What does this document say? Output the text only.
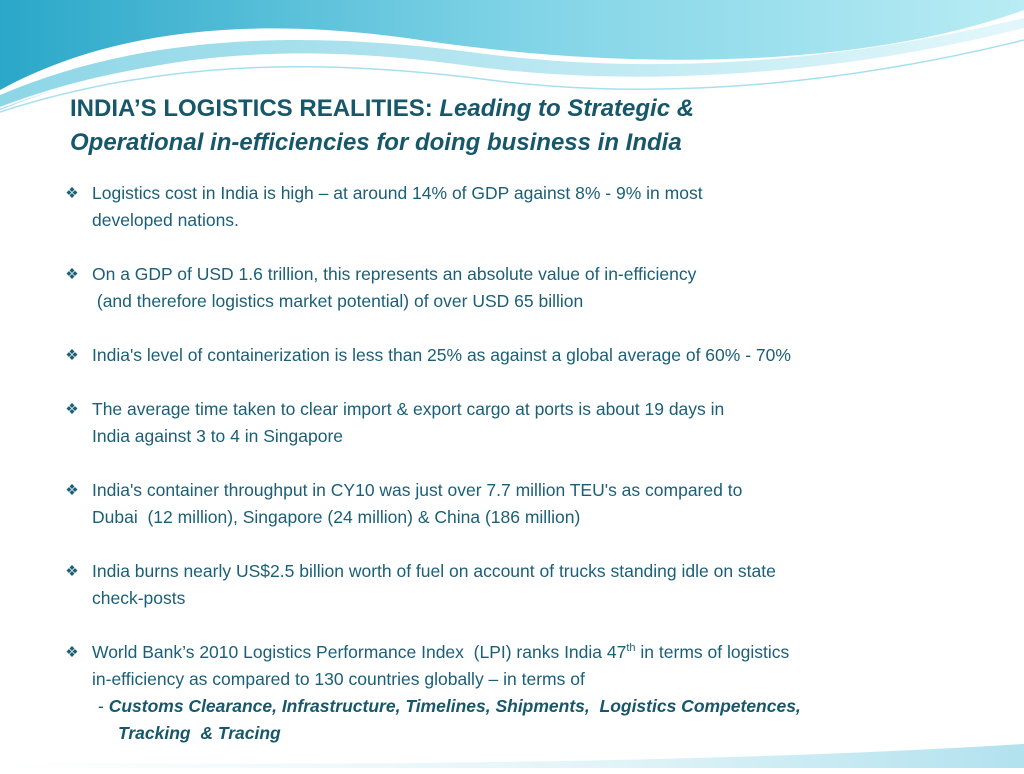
INDIA’S LOGISTICS REALITIES: Leading to Strategic &
Operational in-efficiencies for doing business in India
❖ Logistics cost in India is high – at around 14% of GDP against 8% - 9% in most
developed nations.
❖ On a GDP of USD 1.6 trillion, this represents an absolute value of in-efficiency
(and therefore logistics market potential) of over USD 65 billion
❖ India's level of containerization is less than 25% as against a global average of 60% - 70%
❖ The average time taken to clear import & export cargo at ports is about 19 days in
India against 3 to 4 in Singapore
❖ India's container throughput in CY10 was just over 7.7 million TEU's as compared to
Dubai  (12 million), Singapore (24 million) & China (186 million)
❖ India burns nearly US$2.5 billion worth of fuel on account of trucks standing idle on state
check-posts
❖ World Bank’s 2010 Logistics Performance Index  (LPI) ranks India 47th in terms of logistics
in-efficiency as compared to 130 countries globally – in terms of
- Customs Clearance, Infrastructure, Timelines, Shipments,  Logistics Competences,
Tracking  & Tracing
